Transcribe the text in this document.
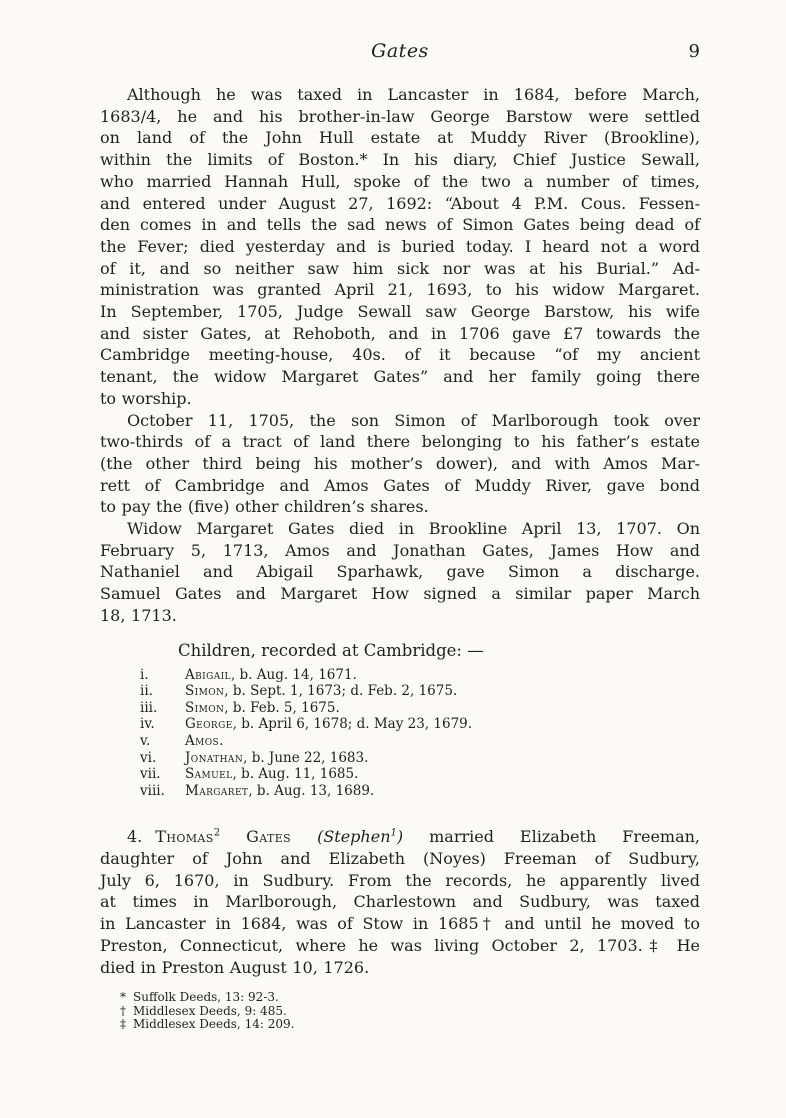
Gates	9
Although he was taxed in Lancaster in 1684, before March,
1683/4, he and his brother-in-law George Barstow were settled
on land of the John Hull estate at Muddy River (Brookline),
within the limits of Boston.* In his diary, Chief Justice Sewall,
who married Hannah Hull, spoke of the two a number of times,
and entered under August 27, 1692: “About 4 P.M. Cous. Fessen-
den comes in and tells the sad news of Simon Gates being dead of
the Fever; died yesterday and is buried today. I heard not a word
of it, and so neither saw him sick nor was at his Burial.” Ad-
ministration was granted April 21, 1693, to his widow Margaret.
In September, 1705, Judge Sewall saw George Barstow, his wife
and sister Gates, at Rehoboth, and in 1706 gave £7 towards the
Cambridge meeting-house, 40s. of it because “of my ancient
tenant, the widow Margaret Gates” and her family going there
to worship.
October 11, 1705, the son Simon of Marlborough took over
two-thirds of a tract of land there belonging to his father’s estate
(the other third being his mother’s dower), and with Amos Mar-
rett of Cambridge and Amos Gates of Muddy River, gave bond
to pay the (five) other children’s shares.
Widow Margaret Gates died in Brookline April 13, 1707. On
February 5, 1713, Amos and Jonathan Gates, James How and
Nathaniel and Abigail Sparhawk, gave Simon a discharge.
Samuel Gates and Margaret How signed a similar paper March
18, 1713.
Children, recorded at Cambridge: —
i.	Abigail, b. Aug. 14, 1671.
ii. Simon, b. Sept. 1, 1673; d. Feb. 2, 1675.
iii. Simon, b. Feb. 5, 1675.
iv. George, b. April 6, 1678; d. May 23, 1679.
v.	Amos.
vi. Jonathan, b. June 22, 1683.
vii. Samuel, b. Aug. 11, 1685.
viii. Margaret, b. Aug. 13, 1689.
4. Thomas$^2$ Gates (Stephen$^1$) married Elizabeth Freeman,
daughter of John and Elizabeth (Noyes) Freeman of Sudbury,
July 6, 1670, in Sudbury. From the records, he apparently lived
at times in Marlborough, Charlestown and Sudbury, was taxed
in Lancaster in 1684, was of Stow in 1685† and until he moved to
Preston, Connecticut, where he was living October 2, 1703.‡ He
died in Preston August 10, 1726.
* Suffolk Deeds, 13: 92-3.
† Middlesex Deeds, 9: 485.
‡ Middlesex Deeds, 14: 209.
